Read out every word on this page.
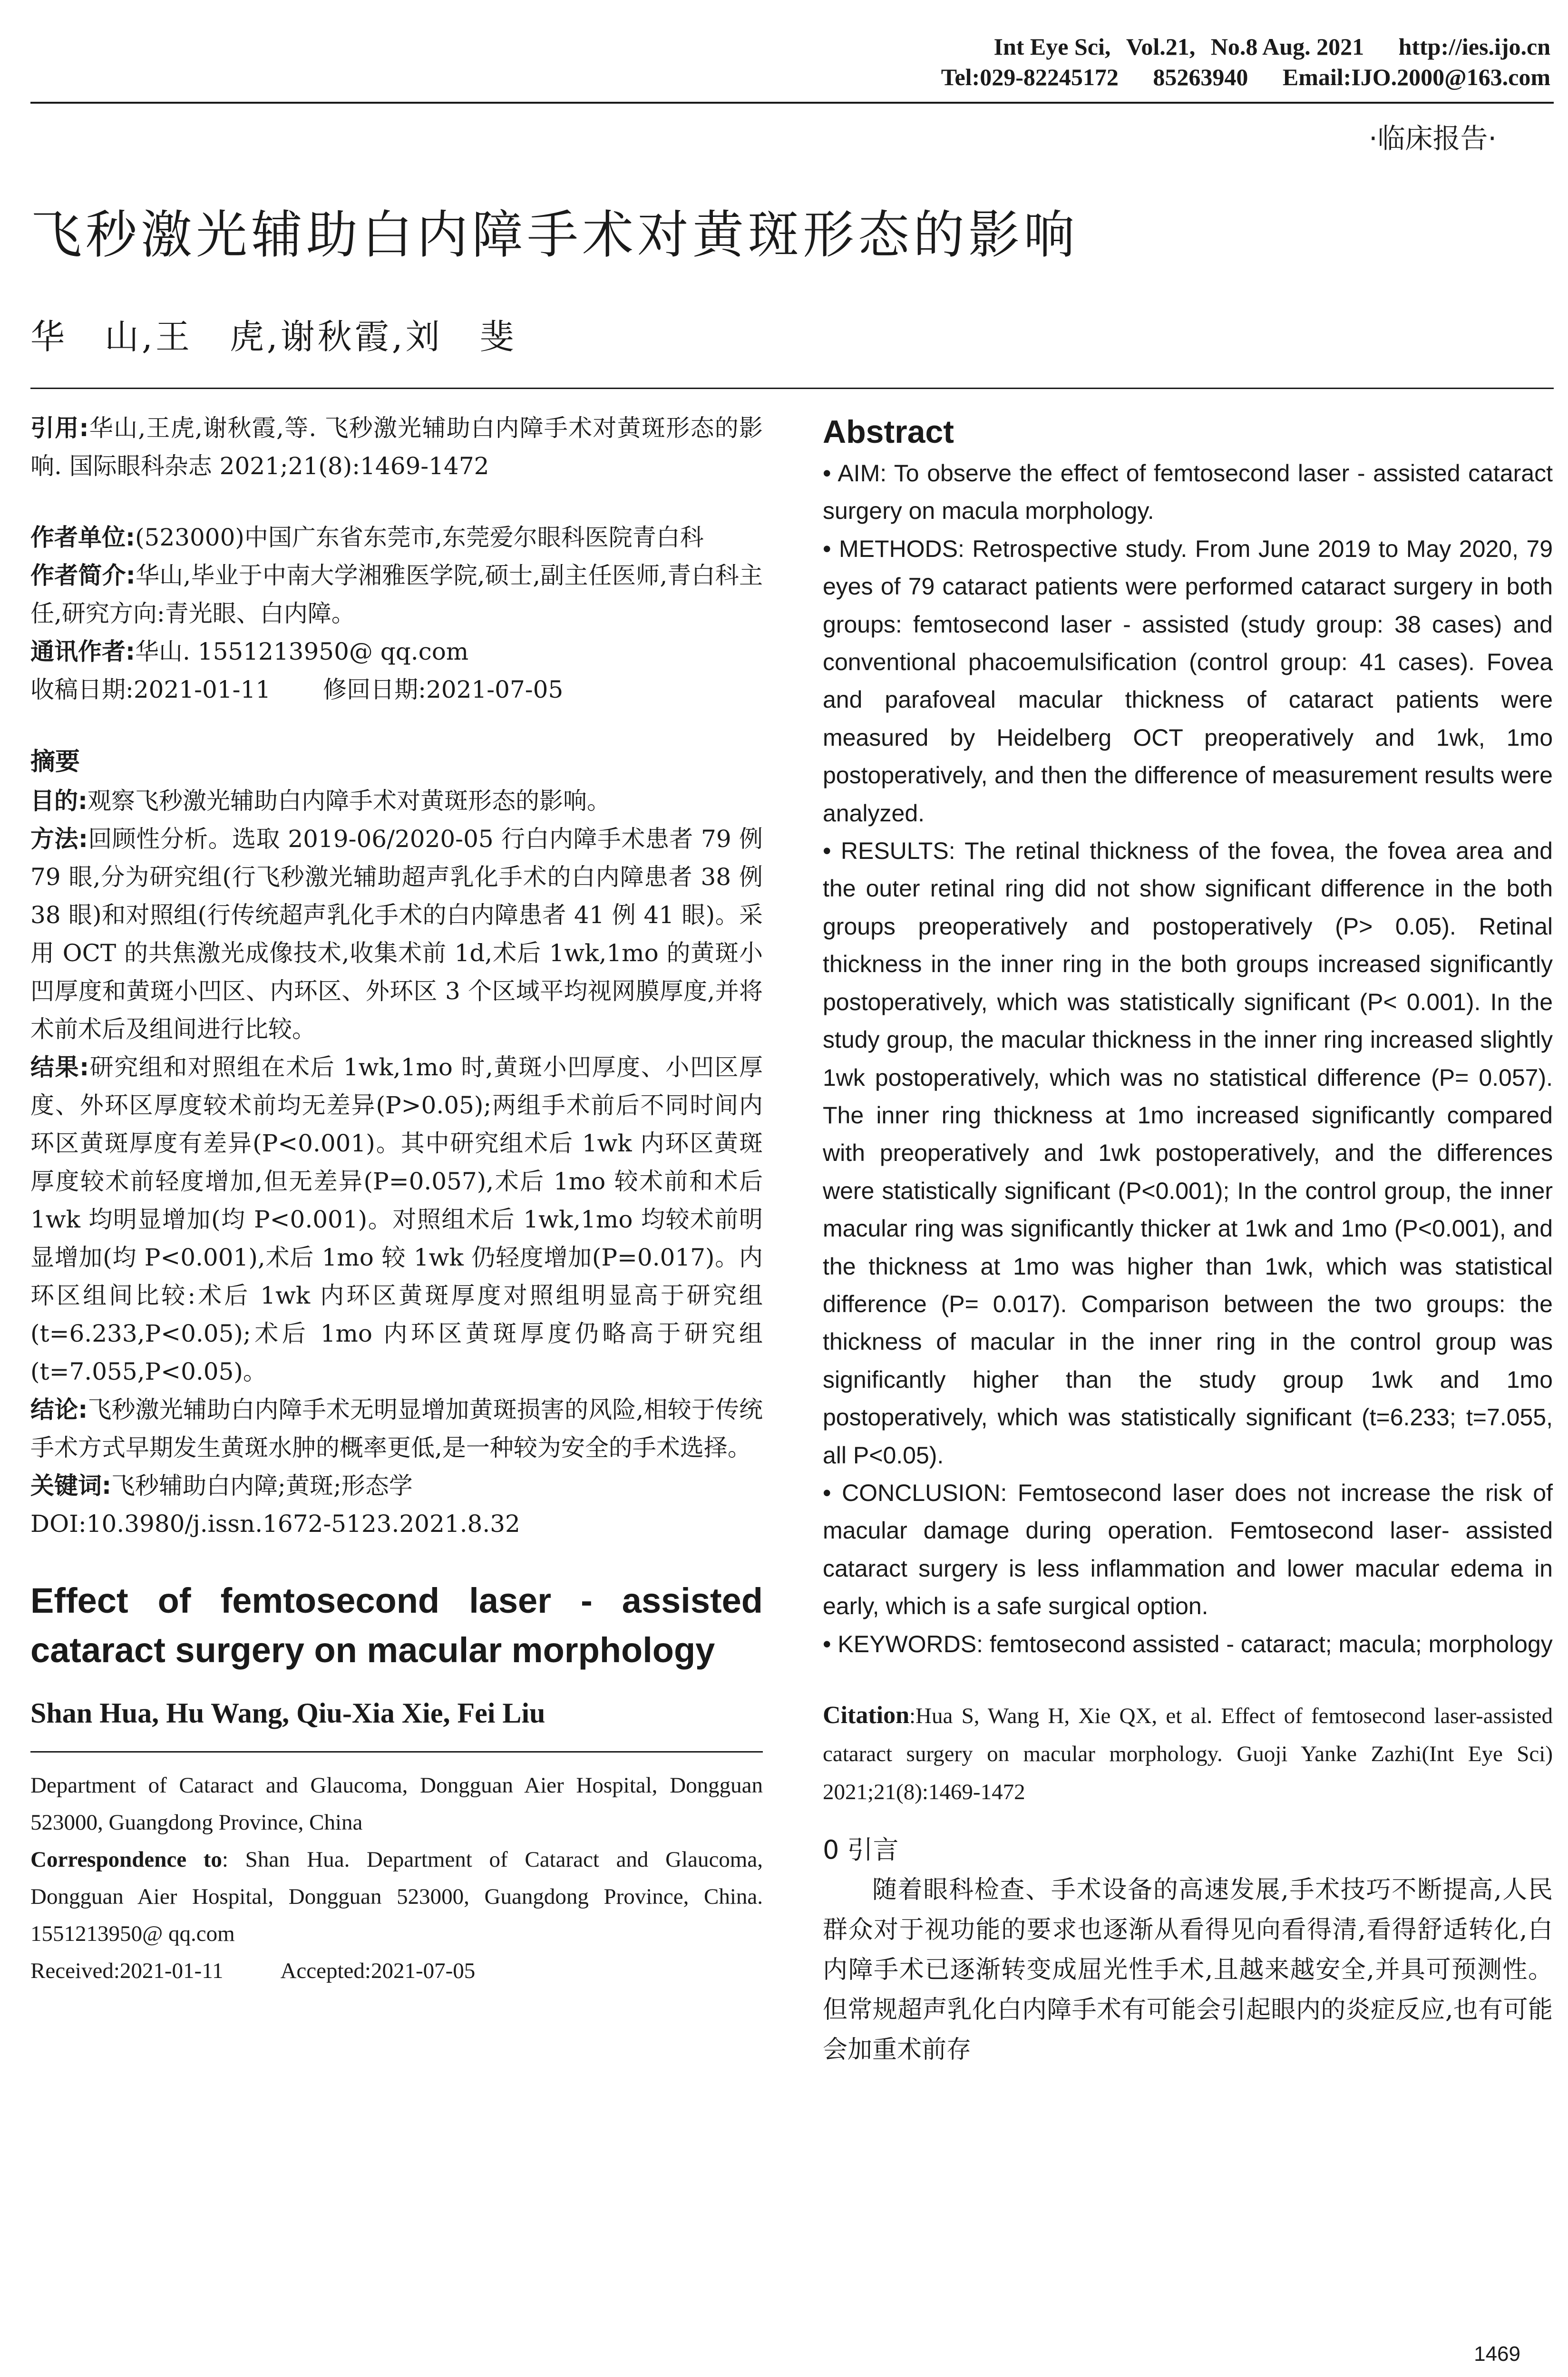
Int Eye Sci, Vol.21, No.8 Aug. 2021 http://ies.ijo.cn
Tel:029-82245172 85263940 Email:IJO.2000@163.com
·临床报告·
飞秒激光辅助白内障手术对黄斑形态的影响
华　山,王　虎,谢秋霞,刘　斐

引用:华山,王虎,谢秋霞,等. 飞秒激光辅助白内障手术对黄斑形态的影响. 国际眼科杂志 2021;21(8):1469-1472

作者单位:(523000)中国广东省东莞市,东莞爱尔眼科医院青白科

作者简介:华山,毕业于中南大学湘雅医学院,硕士,副主任医师,青白科主任,研究方向:青光眼、白内障。

通讯作者:华山. 1551213950@ qq.com

收稿日期:2021-01-11 修回日期:2021-07-05

摘要

目的:观察飞秒激光辅助白内障手术对黄斑形态的影响。

方法:回顾性分析。选取 2019-06/2020-05 行白内障手术患者 79 例 79 眼,分为研究组(行飞秒激光辅助超声乳化手术的白内障患者 38 例 38 眼)和对照组(行传统超声乳化手术的白内障患者 41 例 41 眼)。采用 OCT 的共焦激光成像技术,收集术前 1d,术后 1wk,1mo 的黄斑小凹厚度和黄斑小凹区、内环区、外环区 3 个区域平均视网膜厚度,并将术前术后及组间进行比较。

结果:研究组和对照组在术后 1wk,1mo 时,黄斑小凹厚度、小凹区厚度、外环区厚度较术前均无差异(P>0.05);两组手术前后不同时间内环区黄斑厚度有差异(P<0.001)。其中研究组术后 1wk 内环区黄斑厚度较术前轻度增加,但无差异(P=0.057),术后 1mo 较术前和术后 1wk 均明显增加(均 P<0.001)。对照组术后 1wk,1mo 均较术前明显增加(均 P<0.001),术后 1mo 较 1wk 仍轻度增加(P=0.017)。内环区组间比较:术后 1wk 内环区黄斑厚度对照组明显高于研究组(t=6.233,P<0.05);术后 1mo 内环区黄斑厚度仍略高于研究组(t=7.055,P<0.05)。

结论:飞秒激光辅助白内障手术无明显增加黄斑损害的风险,相较于传统手术方式早期发生黄斑水肿的概率更低,是一种较为安全的手术选择。

关键词:飞秒辅助白内障;黄斑;形态学

DOI:10.3980/j.issn.1672-5123.2021.8.32

Effect of femtosecond laser - assisted cataract surgery on macular morphology
Shan Hua, Hu Wang, Qiu-Xia Xie, Fei Liu

Department of Cataract and Glaucoma, Dongguan Aier Hospital, Dongguan 523000, Guangdong Province, China

Correspondence to: Shan Hua. Department of Cataract and Glaucoma, Dongguan Aier Hospital, Dongguan 523000, Guangdong Province, China. 1551213950@ qq.com

Received:2021-01-11	Accepted:2021-07-05

Abstract

• AIM: To observe the effect of femtosecond laser - assisted cataract surgery on macula morphology.

• METHODS: Retrospective study. From June 2019 to May 2020, 79 eyes of 79 cataract patients were performed cataract surgery in both groups: femtosecond laser - assisted (study group: 38 cases) and conventional phacoemulsification (control group: 41 cases). Fovea and parafoveal macular thickness of cataract patients were measured by Heidelberg OCT preoperatively and 1wk, 1mo postoperatively, and then the difference of measurement results were analyzed.

• RESULTS: The retinal thickness of the fovea, the fovea area and the outer retinal ring did not show significant difference in the both groups preoperatively and postoperatively (P> 0.05). Retinal thickness in the inner ring in the both groups increased significantly postoperatively, which was statistically significant (P< 0.001). In the study group, the macular thickness in the inner ring increased slightly 1wk postoperatively, which was no statistical difference (P= 0.057). The inner ring thickness at 1mo increased significantly compared with preoperatively and 1wk postoperatively, and the differences were statistically significant (P<0.001); In the control group, the inner macular ring was significantly thicker at 1wk and 1mo (P<0.001), and the thickness at 1mo was higher than 1wk, which was statistical difference (P= 0.017). Comparison between the two groups: the thickness of macular in the inner ring in the control group was significantly higher than the study group 1wk and 1mo postoperatively, which was statistically significant (t=6.233; t=7.055, all P<0.05).

• CONCLUSION: Femtosecond laser does not increase the risk of macular damage during operation. Femtosecond laser- assisted cataract surgery is less inflammation and lower macular edema in early, which is a safe surgical option.

• KEYWORDS: femtosecond assisted - cataract; macula; morphology

Citation:Hua S, Wang H, Xie QX, et al. Effect of femtosecond laser-assisted cataract surgery on macular morphology. Guoji Yanke Zazhi(Int Eye Sci) 2021;21(8):1469-1472

0 引言

随着眼科检查、手术设备的高速发展,手术技巧不断提高,人民群众对于视功能的要求也逐渐从看得见向看得清,看得舒适转化,白内障手术已逐渐转变成屈光性手术,且越来越安全,并具可预测性。但常规超声乳化白内障手术有可能会引起眼内的炎症反应,也有可能会加重术前存

1469
